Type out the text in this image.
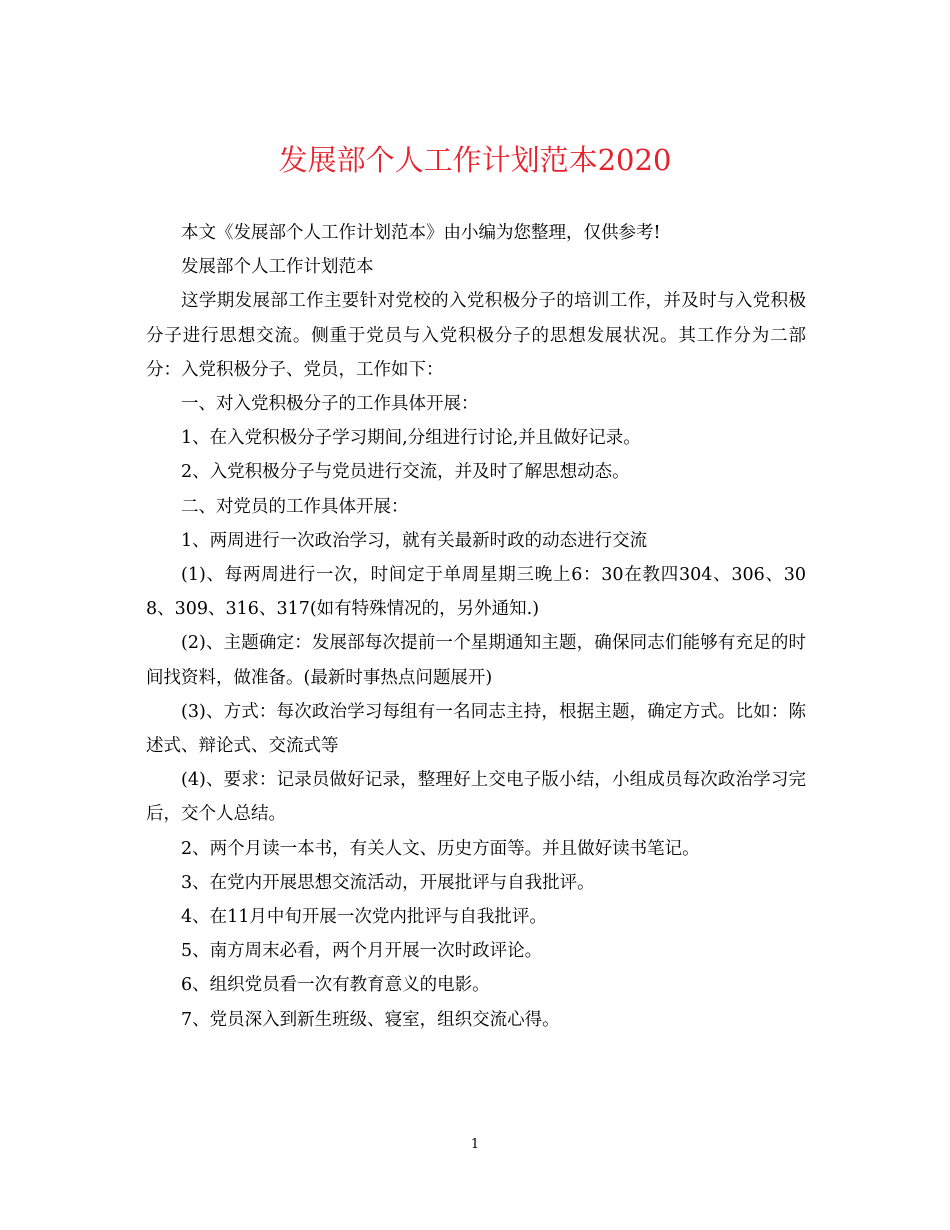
发展部个人工作计划范本2020

本文《发展部个人工作计划范本》由小编为您整理，仅供参考!

发展部个人工作计划范本

这学期发展部工作主要针对党校的入党积极分子的培训工作，并及时与入党积极分子进行思想交流。侧重于党员与入党积极分子的思想发展状况。其工作分为二部分：入党积极分子、党员，工作如下：

一、对入党积极分子的工作具体开展：

1、在入党积极分子学习期间,分组进行讨论,并且做好记录。

2、入党积极分子与党员进行交流，并及时了解思想动态。

二、对党员的工作具体开展：

1、两周进行一次政治学习，就有关最新时政的动态进行交流

(1)、每两周进行一次，时间定于单周星期三晚上6：30在教四304、306、308、309、316、317(如有特殊情况的，另外通知.)

(2)、主题确定：发展部每次提前一个星期通知主题，确保同志们能够有充足的时间找资料，做准备。(最新时事热点问题展开)

(3)、方式：每次政治学习每组有一名同志主持，根据主题，确定方式。比如：陈述式、辩论式、交流式等

(4)、要求：记录员做好记录，整理好上交电子版小结，小组成员每次政治学习完后，交个人总结。

2、两个月读一本书，有关人文、历史方面等。并且做好读书笔记。

3、在党内开展思想交流活动，开展批评与自我批评。

4、在11月中旬开展一次党内批评与自我批评。

5、南方周末必看，两个月开展一次时政评论。

6、组织党员看一次有教育意义的电影。

7、党员深入到新生班级、寝室，组织交流心得。

1
